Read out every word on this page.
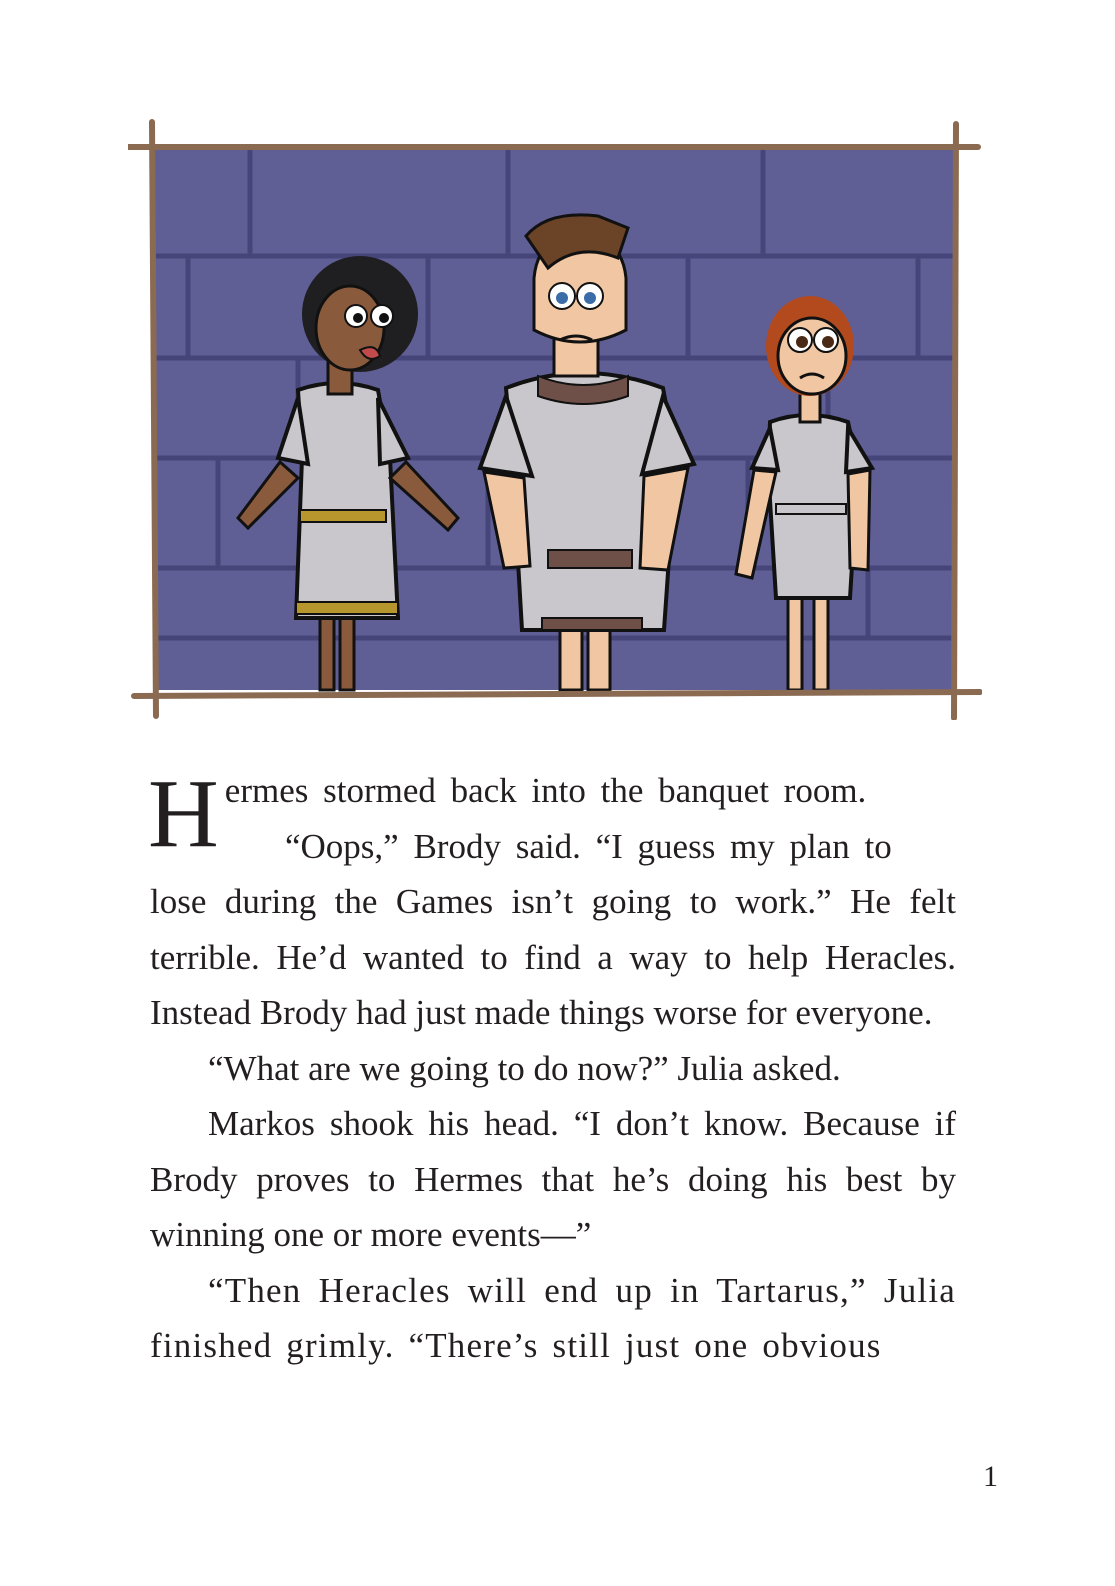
H ermes stormed back into the banquet room.

“Oops,” Brody said. “I guess my plan to
lose during the Games isn’t going to work.” He felt terrible. He’d wanted to find a way to help Heracles. Instead Brody had just made things worse for everyone.

“What are we going to do now?” Julia asked.

Markos shook his head. “I don’t know. Because if Brody proves to Hermes that he’s doing his best by winning one or more events—”

“Then Heracles will end up in Tartarus,” Julia finished grimly. “There’s still just one obvious

1
